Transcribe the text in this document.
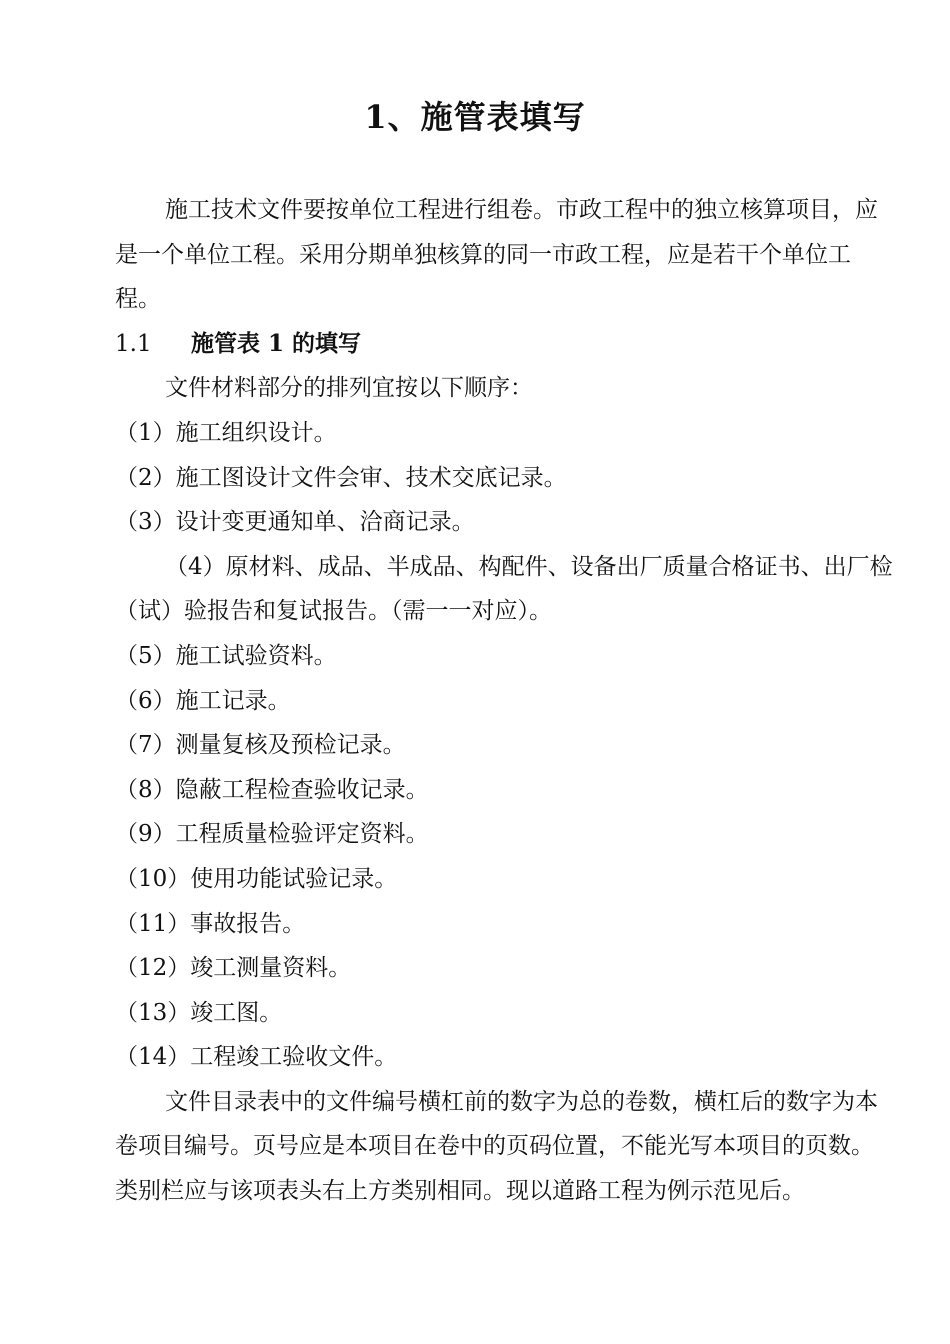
1、施管表填写

施工技术文件要按单位工程进行组卷。市政工程中的独立核算项目，应是一个单位工程。采用分期单独核算的同一市政工程，应是若干个单位工程。

1.1 施管表 1 的填写

文件材料部分的排列宜按以下顺序：

（1）施工组织设计。

（2）施工图设计文件会审、技术交底记录。

（3）设计变更通知单、洽商记录。

（4）原材料、成品、半成品、构配件、设备出厂质量合格证书、出厂检（试）验报告和复试报告。（需一一对应）。

（5）施工试验资料。

（6）施工记录。

（7）测量复核及预检记录。

（8）隐蔽工程检查验收记录。

（9）工程质量检验评定资料。

（10）使用功能试验记录。

（11）事故报告。

（12）竣工测量资料。

（13）竣工图。

（14）工程竣工验收文件。

文件目录表中的文件编号横杠前的数字为总的卷数，横杠后的数字为本卷项目编号。页号应是本项目在卷中的页码位置，不能光写本项目的页数。类别栏应与该项表头右上方类别相同。现以道路工程为例示范见后。
